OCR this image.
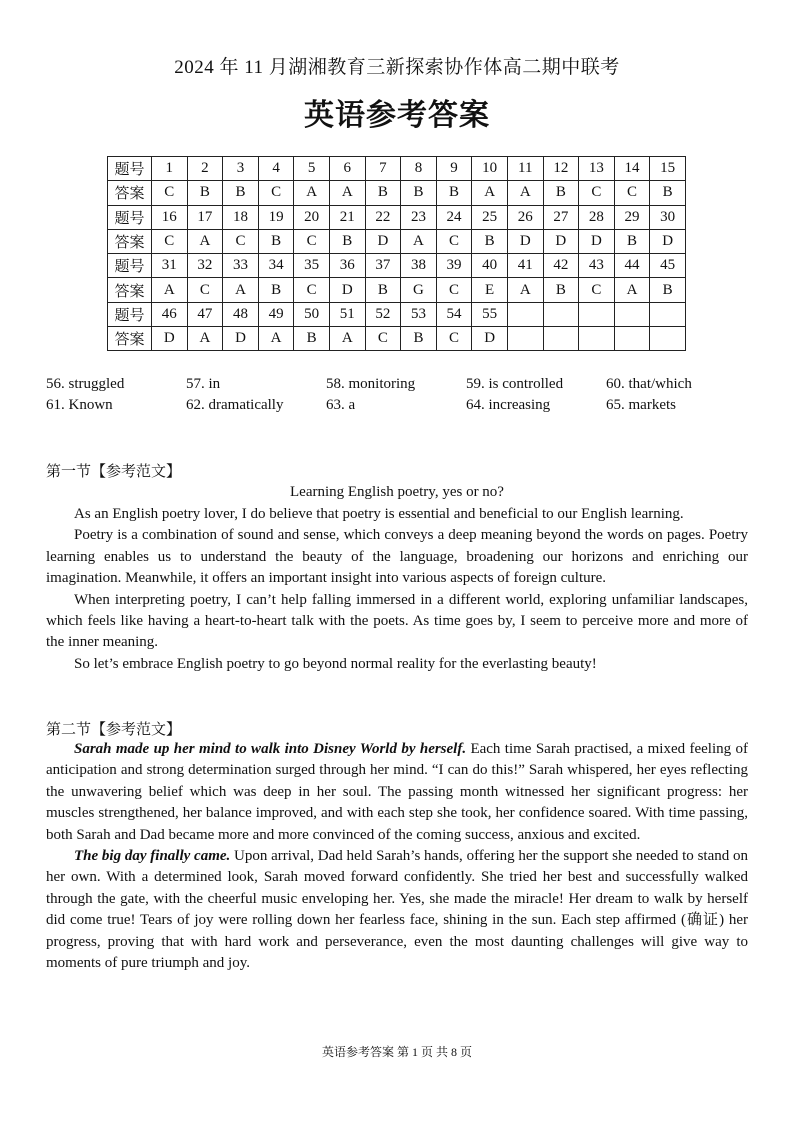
2024 年 11 月湖湘教育三新探索协作体高二期中联考
英语参考答案
题号	1	2	3	4	5	6	7	8	9	10	11	12	13	14	15
答案	C	B	B	C	A	A	B	B	B	A	A	B	C	C	B
题号	16	17	18	19	20	21	22	23	24	25	26	27	28	29	30
答案	C	A	C	B	C	B	D	A	C	B	D	D	D	B	D
题号	31	32	33	34	35	36	37	38	39	40	41	42	43	44	45
答案	A	C	A	B	C	D	B	G	C	E	A	B	C	A	B
题号	46	47	48	49	50	51	52	53	54	55					
答案	D	A	D	A	B	A	C	B	C	D					
56. struggled	57. in	58. monitoring	59. is controlled	60. that/which
61. Known	62. dramatically	63. a	64. increasing	65. markets
第一节【参考范文】
Learning English poetry, yes or no?

As an English poetry lover, I do believe that poetry is essential and beneficial to our English learning.

Poetry is a combination of sound and sense, which conveys a deep meaning beyond the words on pages. Poetry learning enables us to understand the beauty of the language, broadening our horizons and enriching our imagination. Meanwhile, it offers an important insight into various aspects of foreign culture.

When interpreting poetry, I can’t help falling immersed in a different world, exploring unfamiliar landscapes, which feels like having a heart-to-heart talk with the poets. As time goes by, I seem to perceive more and more of the inner meaning.

So let’s embrace English poetry to go beyond normal reality for the everlasting beauty!

第二节【参考范文】

Sarah made up her mind to walk into Disney World by herself. Each time Sarah practised, a mixed feeling of anticipation and strong determination surged through her mind. “I can do this!” Sarah whispered, her eyes reflecting the unwavering belief which was deep in her soul. The passing month witnessed her significant progress: her muscles strengthened, her balance improved, and with each step she took, her confidence soared. With time passing, both Sarah and Dad became more and more convinced of the coming success, anxious and excited.

The big day finally came. Upon arrival, Dad held Sarah’s hands, offering her the support she needed to stand on her own. With a determined look, Sarah moved forward confidently. She tried her best and successfully walked through the gate, with the cheerful music enveloping her. Yes, she made the miracle! Her dream to walk by herself did come true! Tears of joy were rolling down her fearless face, shining in the sun. Each step affirmed (确证) her progress, proving that with hard work and perseverance, even the most daunting challenges will give way to moments of pure triumph and joy.

英语参考答案 第 1 页 共 8 页
